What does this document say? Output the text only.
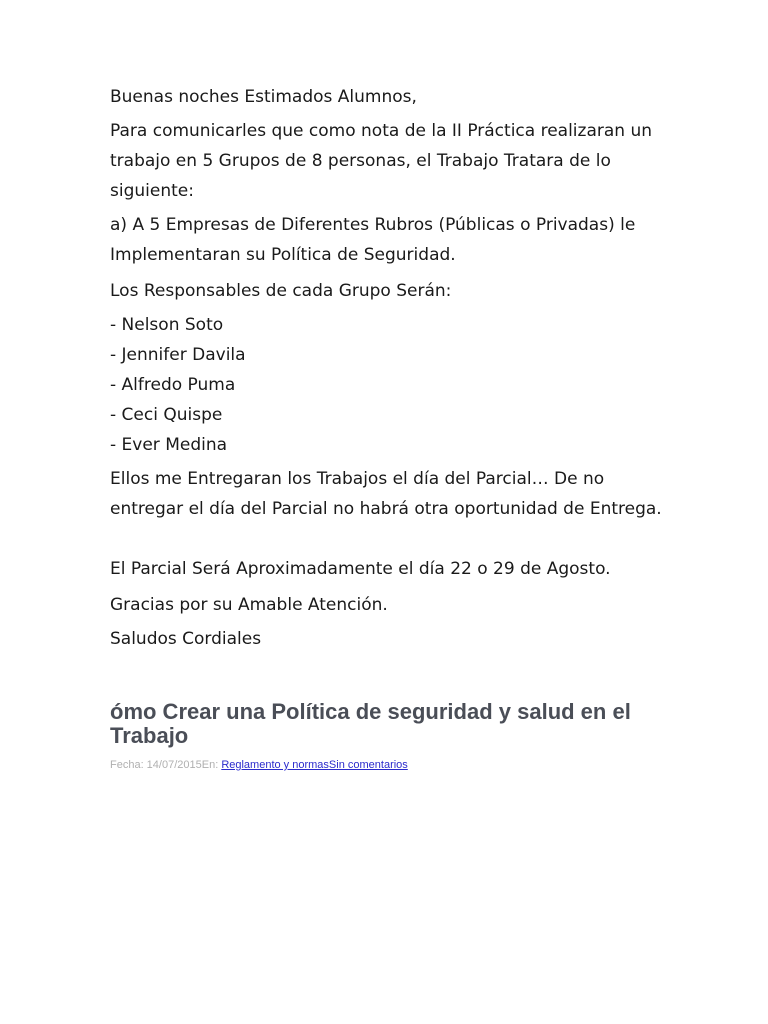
Buenas noches Estimados Alumnos,

Para comunicarles que como nota de la II Práctica realizaran un trabajo en 5 Grupos de 8 personas, el Trabajo Tratara de lo siguiente:

a) A 5 Empresas de Diferentes Rubros (Públicas o Privadas) le Implementaran su Política de Seguridad.

Los Responsables de cada Grupo Serán:

- Nelson Soto
- Jennifer Davila
- Alfredo Puma
- Ceci Quispe
- Ever Medina

Ellos me Entregaran los Trabajos el día del Parcial… De no entregar el día del Parcial no habrá otra oportunidad de Entrega.

El Parcial Será Aproximadamente el día 22 o 29 de Agosto.

Gracias por su Amable Atención.

Saludos Cordiales

ómo Crear una Política de seguridad y salud en el Trabajo
Fecha: 14/07/2015En: Reglamento y normasSin comentarios
